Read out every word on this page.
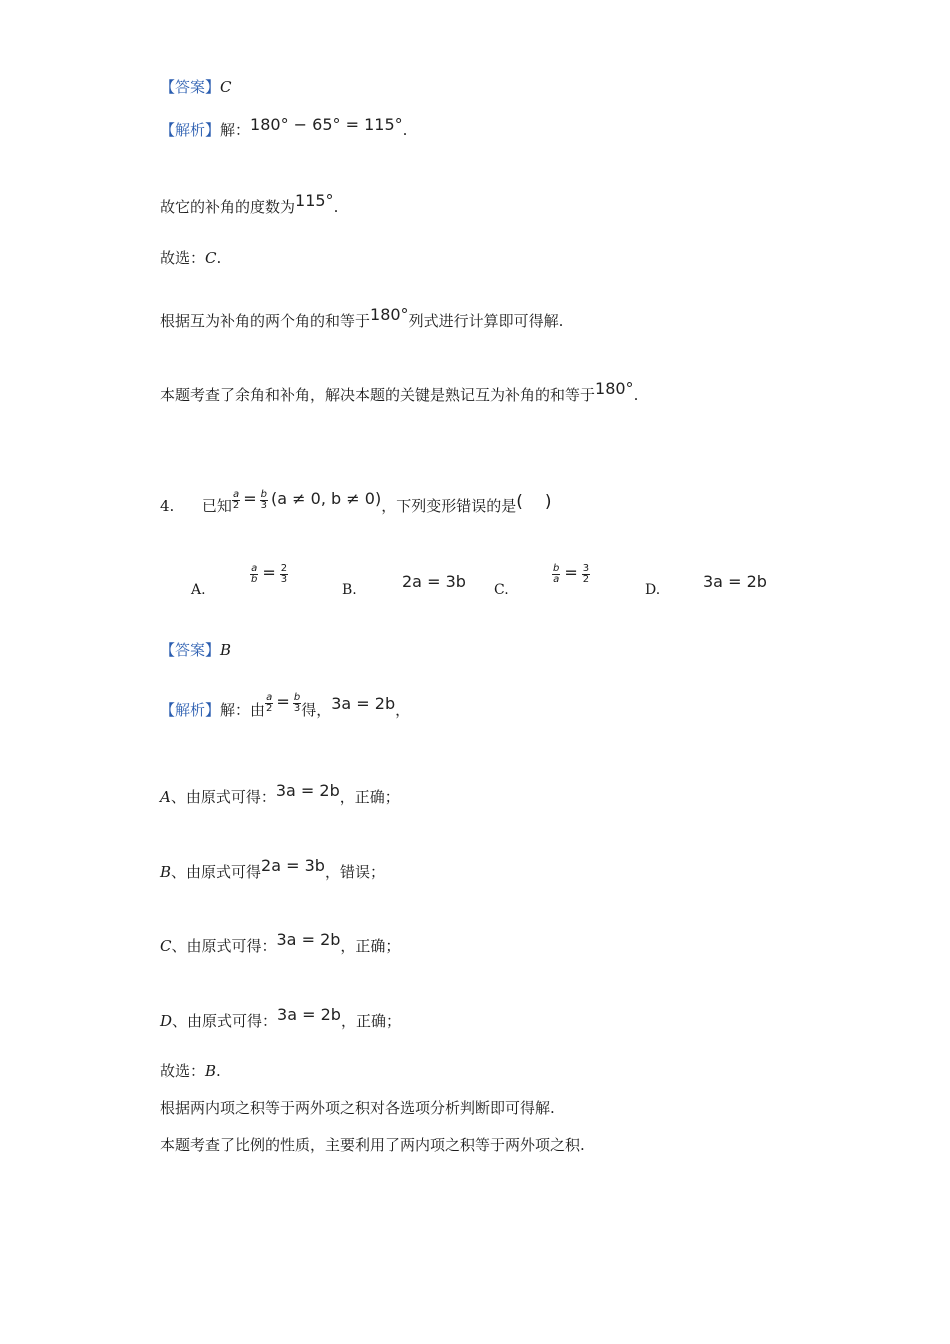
【答案】C
【解析】解：180° − 65° = 115°.
故它的补角的度数为115°.
故选：C.
根据互为补角的两个角的和等于180°列式进行计算即可得解.
本题考查了余角和补角，解决本题的关键是熟记互为补角的和等于180°.
4. 已知 $\frac{a}{2} = \frac{b}{3} (a \ne 0$, b ≠ 0)，下列变形错误的是( )
A.
$\frac{a}{b} = \frac{2}{3}$
B.	2a = 3b C.
$\frac{b}{a} = \frac{3}{2}$
D.	3a = 2b
【答案】B
【解析】解：由 $\frac{a}{2} = \frac{b}{3}$ 得，3a = 2b，
A、由原式可得：3a = 2b，正确；
B、由原式可得2a = 3b，错误；
C、由原式可得：3a = 2b，正确；
D、由原式可得：3a = 2b，正确；
故选：B.
根据两内项之积等于两外项之积对各选项分析判断即可得解.
本题考查了比例的性质，主要利用了两内项之积等于两外项之积.
